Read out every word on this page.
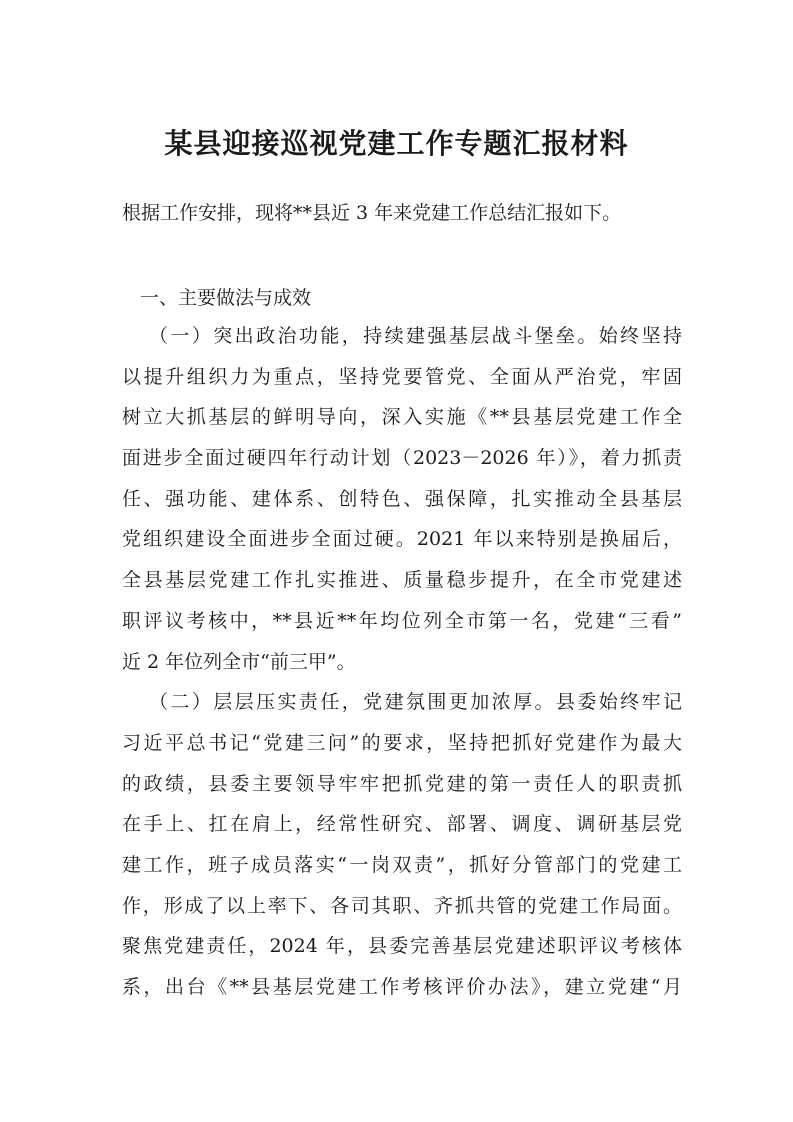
某县迎接巡视党建工作专题汇报材料

根据工作安排，现将**县近 3 年来党建工作总结汇报如下。

一、主要做法与成效

（一）突出政治功能，持续建强基层战斗堡垒。始终坚持
以提升组织力为重点，坚持党要管党、全面从严治党，牢固
树立大抓基层的鲜明导向，深入实施《**县基层党建工作全
面进步全面过硬四年行动计划（2023－2026 年）》，着力抓责
任、强功能、建体系、创特色、强保障，扎实推动全县基层
党组织建设全面进步全面过硬。2021 年以来特别是换届后，
全县基层党建工作扎实推进、质量稳步提升，在全市党建述
职评议考核中，**县近**年均位列全市第一名，党建“三看”
近 2 年位列全市“前三甲”。
（二）层层压实责任，党建氛围更加浓厚。县委始终牢记
习近平总书记“党建三问”的要求，坚持把抓好党建作为最大
的政绩，县委主要领导牢牢把抓党建的第一责任人的职责抓
在手上、扛在肩上，经常性研究、部署、调度、调研基层党
建工作，班子成员落实“一岗双责”，抓好分管部门的党建工
作，形成了以上率下、各司其职、齐抓共管的党建工作局面。
聚焦党建责任，2024 年，县委完善基层党建述职评议考核体
系，出台《**县基层党建工作考核评价办法》，建立党建“月
